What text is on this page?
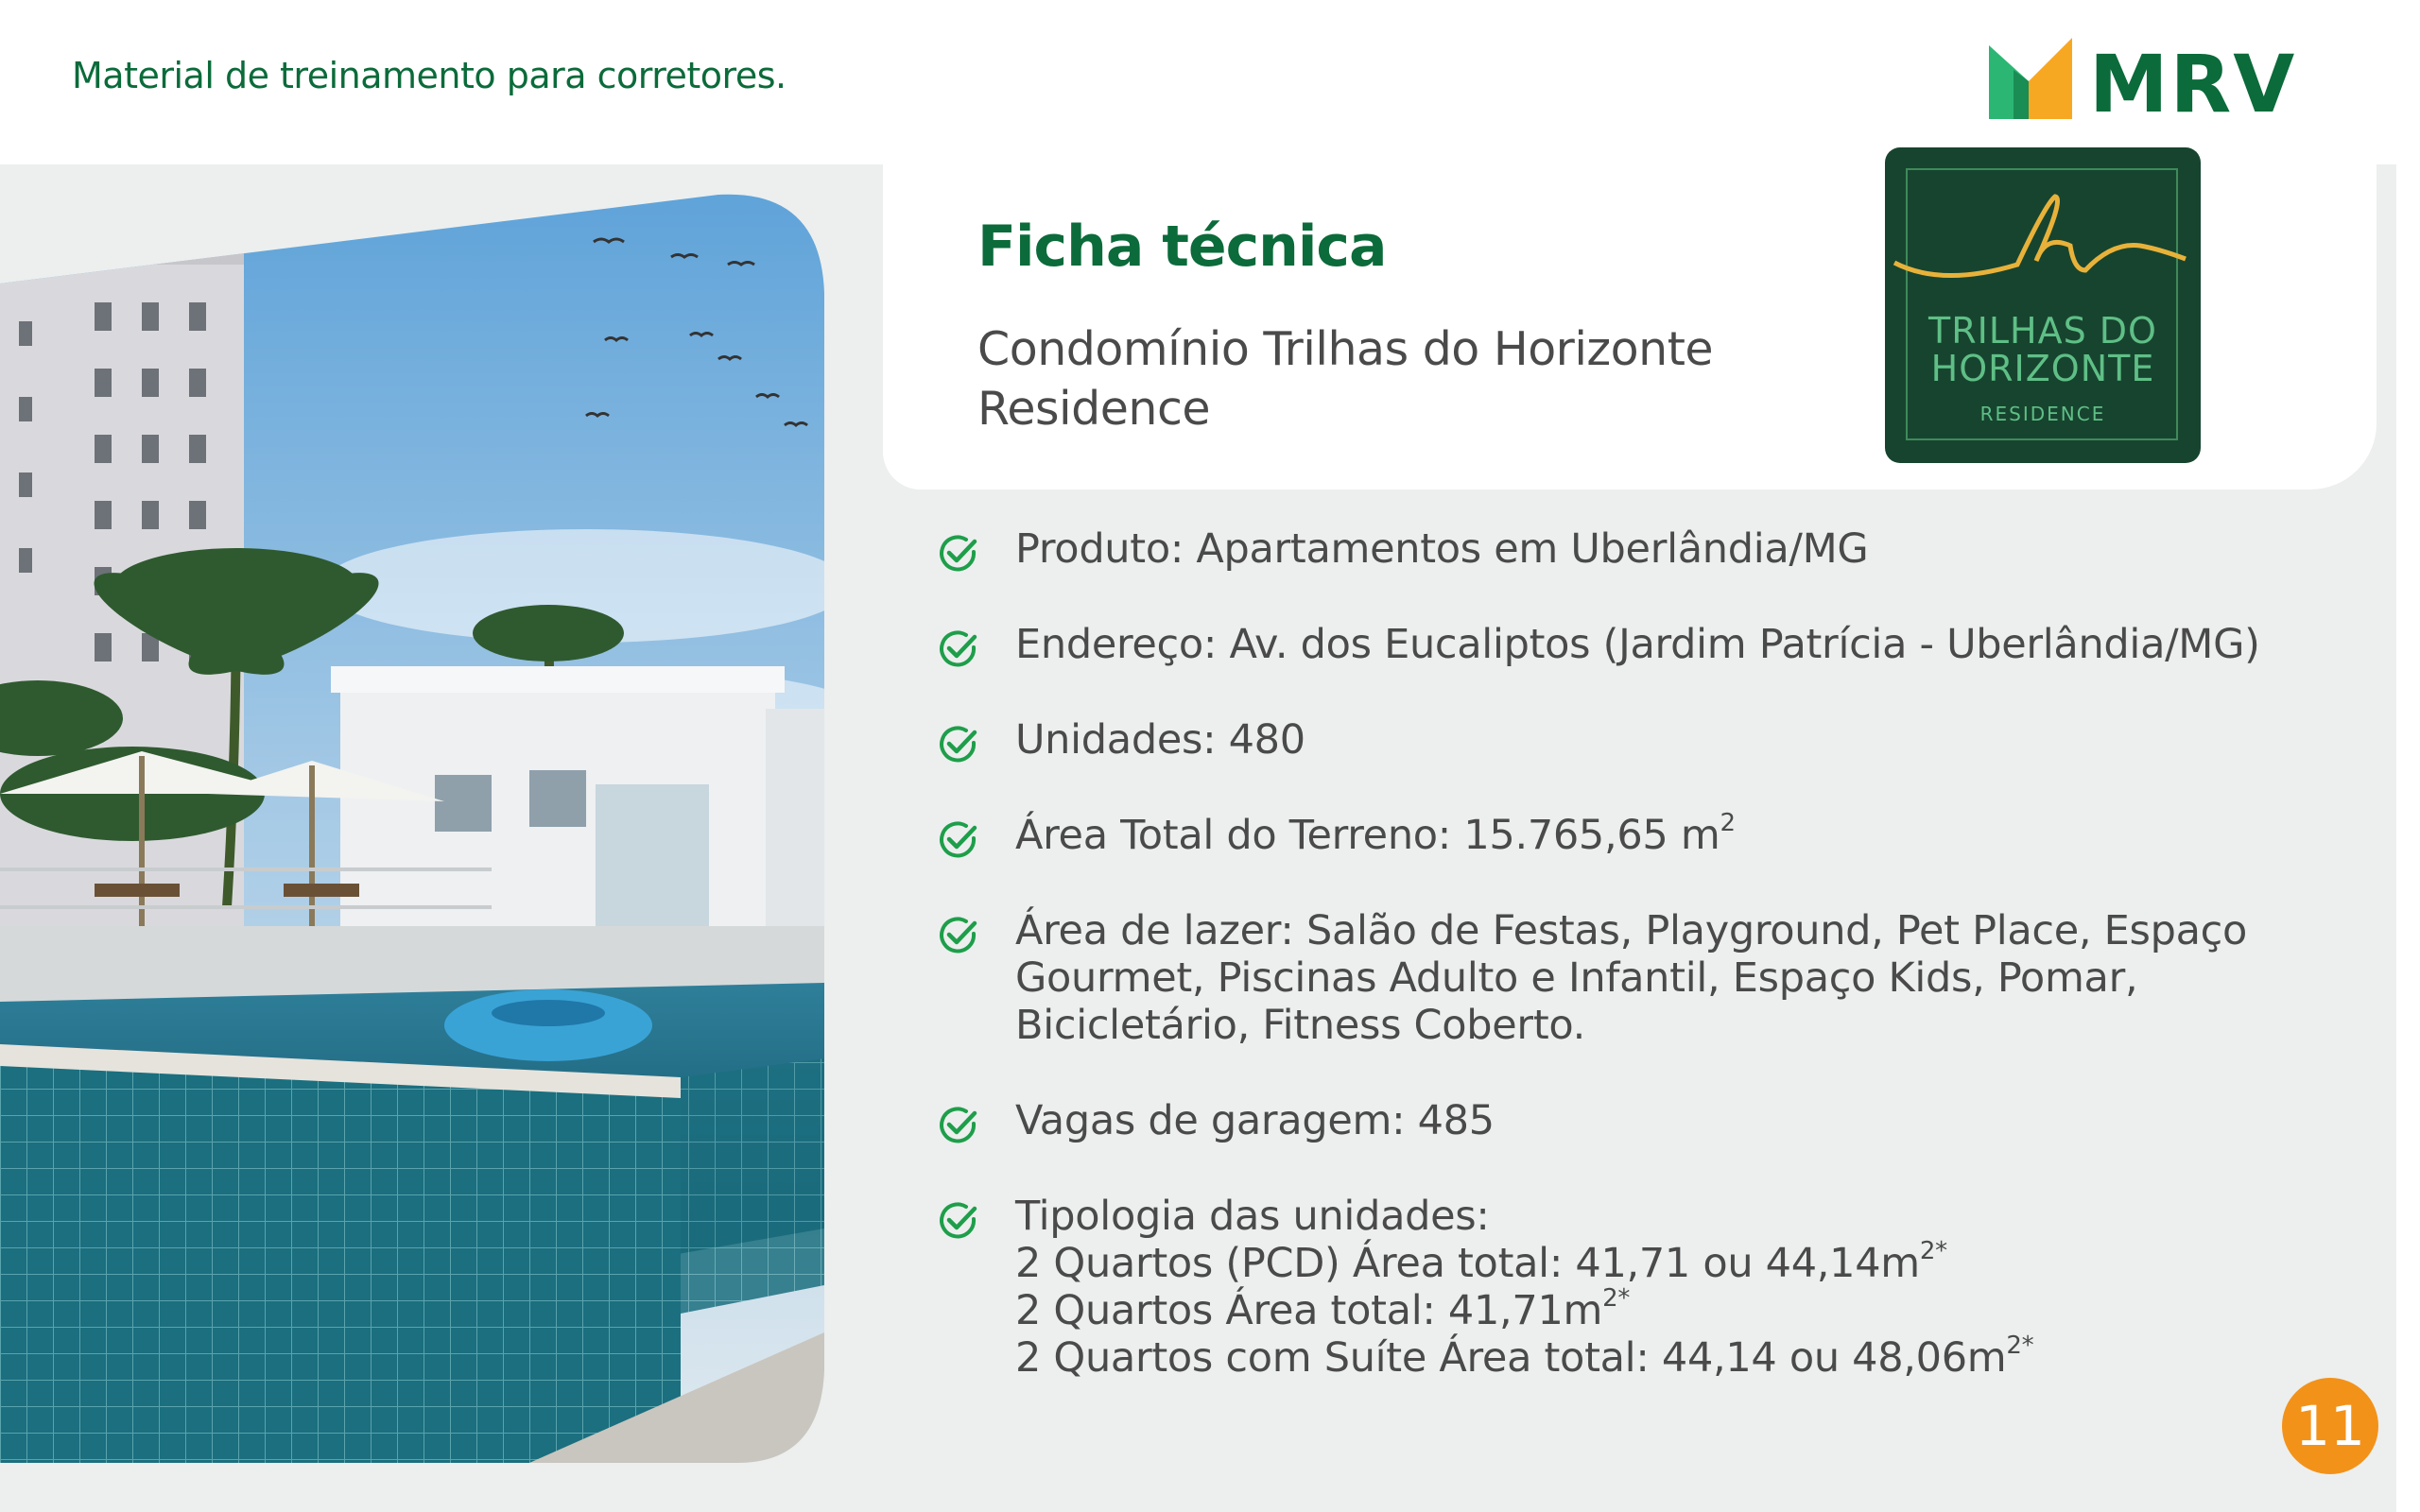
Material de treinamento para corretores.	MRV
Ficha técnica
Condomínio Trilhas do Horizonte Residence
TRILHAS DO
HORIZONTE
RESIDENCE
Produto: Apartamentos em Uberlândia/MG
Endereço: Av. dos Eucaliptos (Jardim Patrícia - Uberlândia/MG)
Unidades: 480
Área Total do Terreno: 15.765,65 $m^2$
Área de lazer: Salão de Festas, Playground, Pet Place, Espaço Gourmet, Piscinas Adulto e Infantil, Espaço Kids, Pomar, Bicicletário, Fitness Coberto.
Vagas de garagem: 485
Tipologia das unidades:
2 Quartos (PCD) Área total: 41,71 ou $44,14m^{2*}$
2 Quartos Área total: $41,71m^{2*}$
2 Quartos com Suíte Área total: 44,14 ou $48,06m^{2*}$
11
